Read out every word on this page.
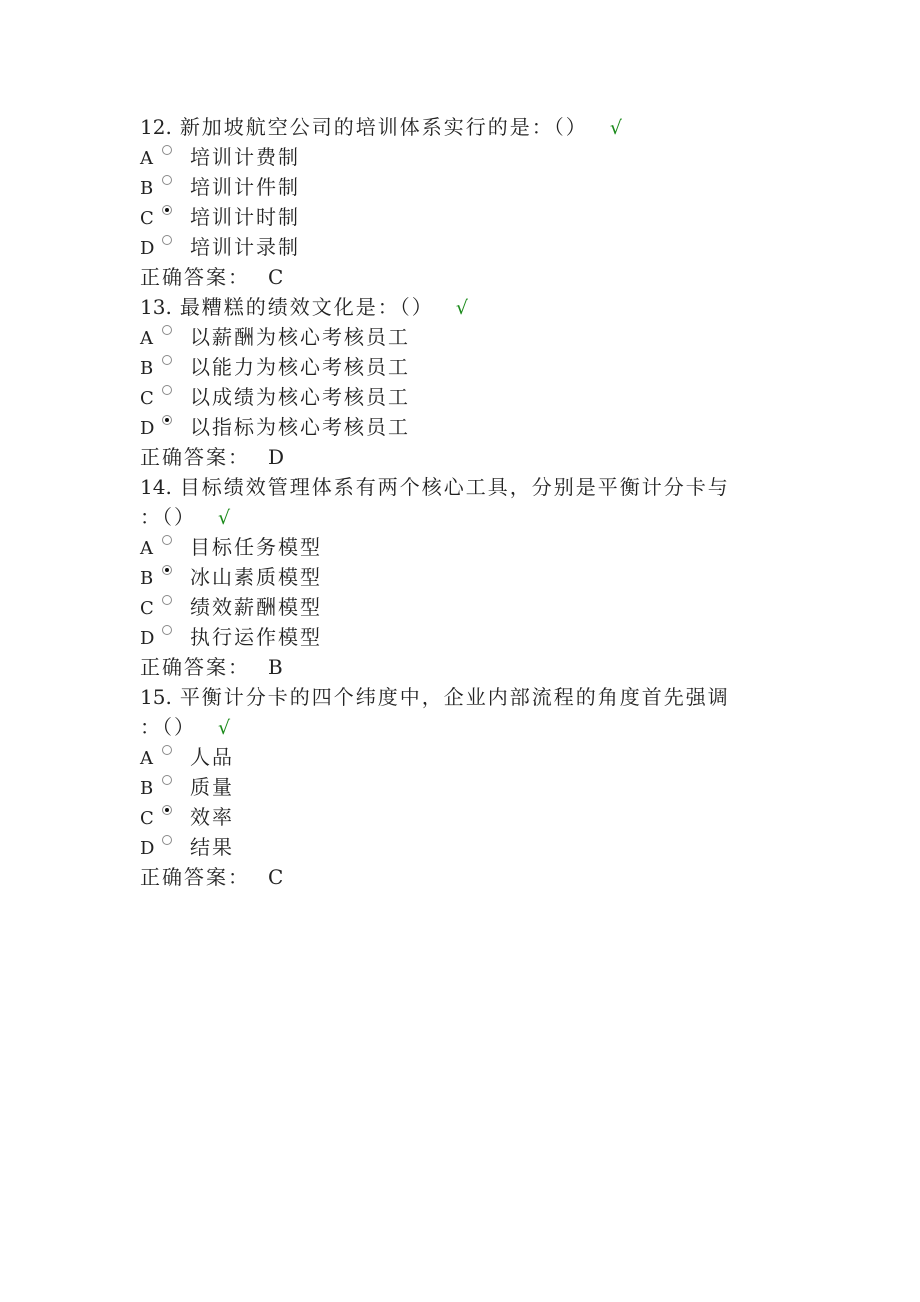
12. 新加坡航空公司的培训体系实行的是：（） √
A 培训计费制
B 培训计件制
C 培训计时制
D 培训计录制
正确答案： C
13. 最糟糕的绩效文化是：（） √
A 以薪酬为核心考核员工
B 以能力为核心考核员工
C 以成绩为核心考核员工
D 以指标为核心考核员工
正确答案： D
14. 目标绩效管理体系有两个核心工具，分别是平衡计分卡与
：（） √
A 目标任务模型
B 冰山素质模型
C 绩效薪酬模型
D 执行运作模型
正确答案： B
15. 平衡计分卡的四个纬度中，企业内部流程的角度首先强调
：（） √
A 人品
B 质量
C 效率
D 结果
正确答案： C
